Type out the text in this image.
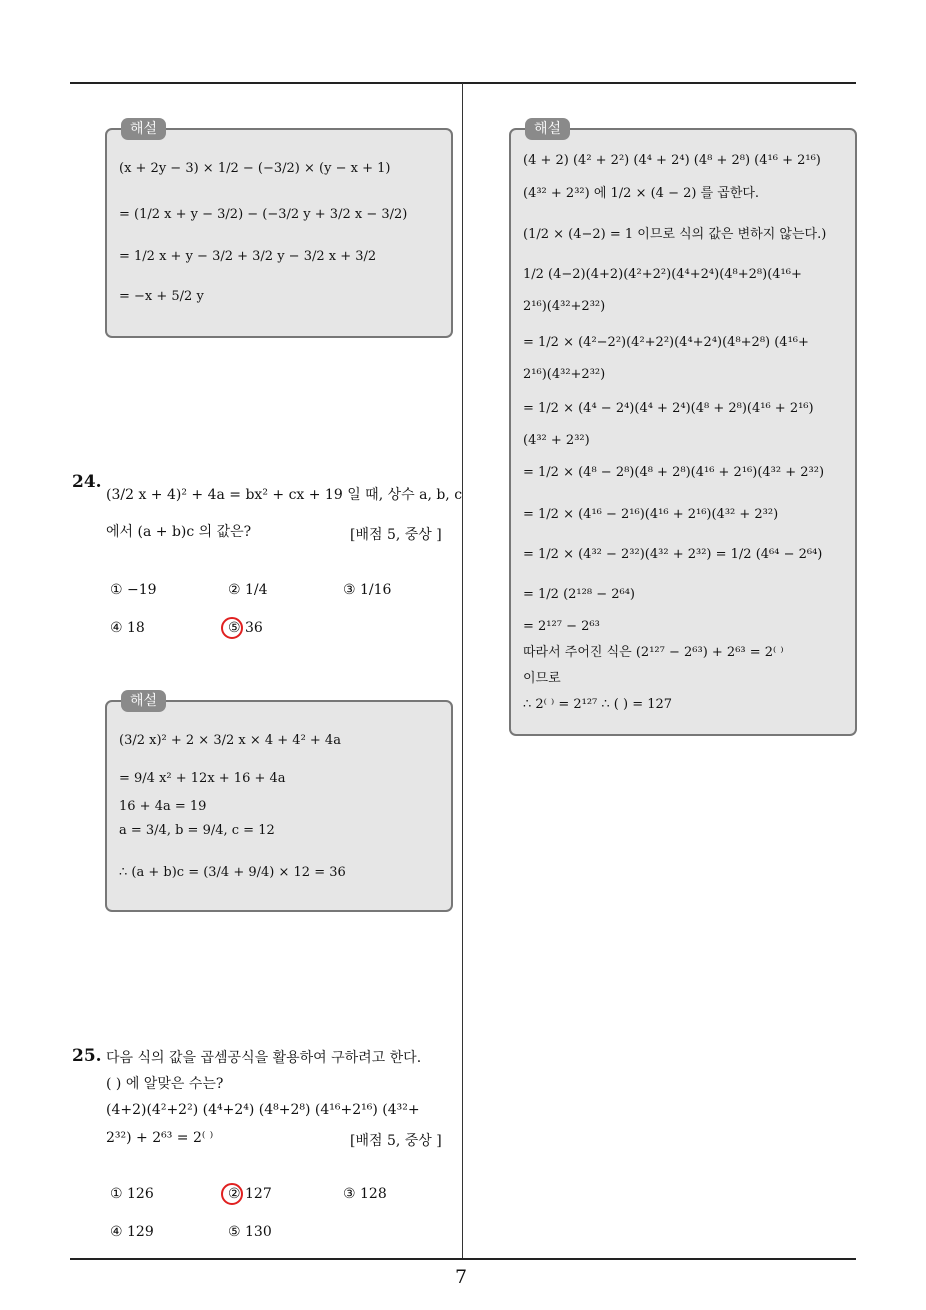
7
해설
(x + 2y − 3) × 1/2 − (−3/2) × (y − x + 1)
= (1/2 x + y − 3/2) − (−3/2 y + 3/2 x − 3/2)
= 1/2 x + y − 3/2 + 3/2 y − 3/2 x + 3/2
= −x + 5/2 y
24.
(3/2 x + 4)² + 4a = bx² + cx + 19 일 때, 상수 a, b, c
에서 (a + b)c 의 값은?	[배점 5, 중상 ]
① −19	② 1/4	③ 1/16
④ 18	⑤ 36
해설
(3/2 x)² + 2 × 3/2 x × 4 + 4² + 4a
= 9/4 x² + 12x + 16 + 4a
16 + 4a = 19
a = 3/4, b = 9/4, c = 12
∴ (a + b)c = (3/4 + 9/4) × 12 = 36
25. 다음 식의 값을 곱셈공식을 활용하여 구하려고 한다.
( ) 에 알맞은 수는?
(4+2)(4²+2²) (4⁴+2⁴) (4⁸+2⁸) (4¹⁶+2¹⁶) (4³²+
2³²) + 2⁶³ = 2⁽ ⁾	[배점 5, 중상 ]
① 126	② 127	③ 128
④ 129	⑤ 130
해설
(4 + 2) (4² + 2²) (4⁴ + 2⁴) (4⁸ + 2⁸) (4¹⁶ + 2¹⁶)
(4³² + 2³²) 에 1/2 × (4 − 2) 를 곱한다.
(1/2 × (4−2) = 1 이므로 식의 값은 변하지 않는다.)
1/2 (4−2)(4+2)(4²+2²)(4⁴+2⁴)(4⁸+2⁸)(4¹⁶+
2¹⁶)(4³²+2³²)
= 1/2 × (4²−2²)(4²+2²)(4⁴+2⁴)(4⁸+2⁸) (4¹⁶+
2¹⁶)(4³²+2³²)
= 1/2 × (4⁴ − 2⁴)(4⁴ + 2⁴)(4⁸ + 2⁸)(4¹⁶ + 2¹⁶)
(4³² + 2³²)
= 1/2 × (4⁸ − 2⁸)(4⁸ + 2⁸)(4¹⁶ + 2¹⁶)(4³² + 2³²)
= 1/2 × (4¹⁶ − 2¹⁶)(4¹⁶ + 2¹⁶)(4³² + 2³²)
= 1/2 × (4³² − 2³²)(4³² + 2³²) = 1/2 (4⁶⁴ − 2⁶⁴)
= 1/2 (2¹²⁸ − 2⁶⁴)
= 2¹²⁷ − 2⁶³
따라서 주어진 식은 (2¹²⁷ − 2⁶³) + 2⁶³ = 2⁽ ⁾
이므로
∴ 2⁽ ⁾ = 2¹²⁷ ∴ ( ) = 127
